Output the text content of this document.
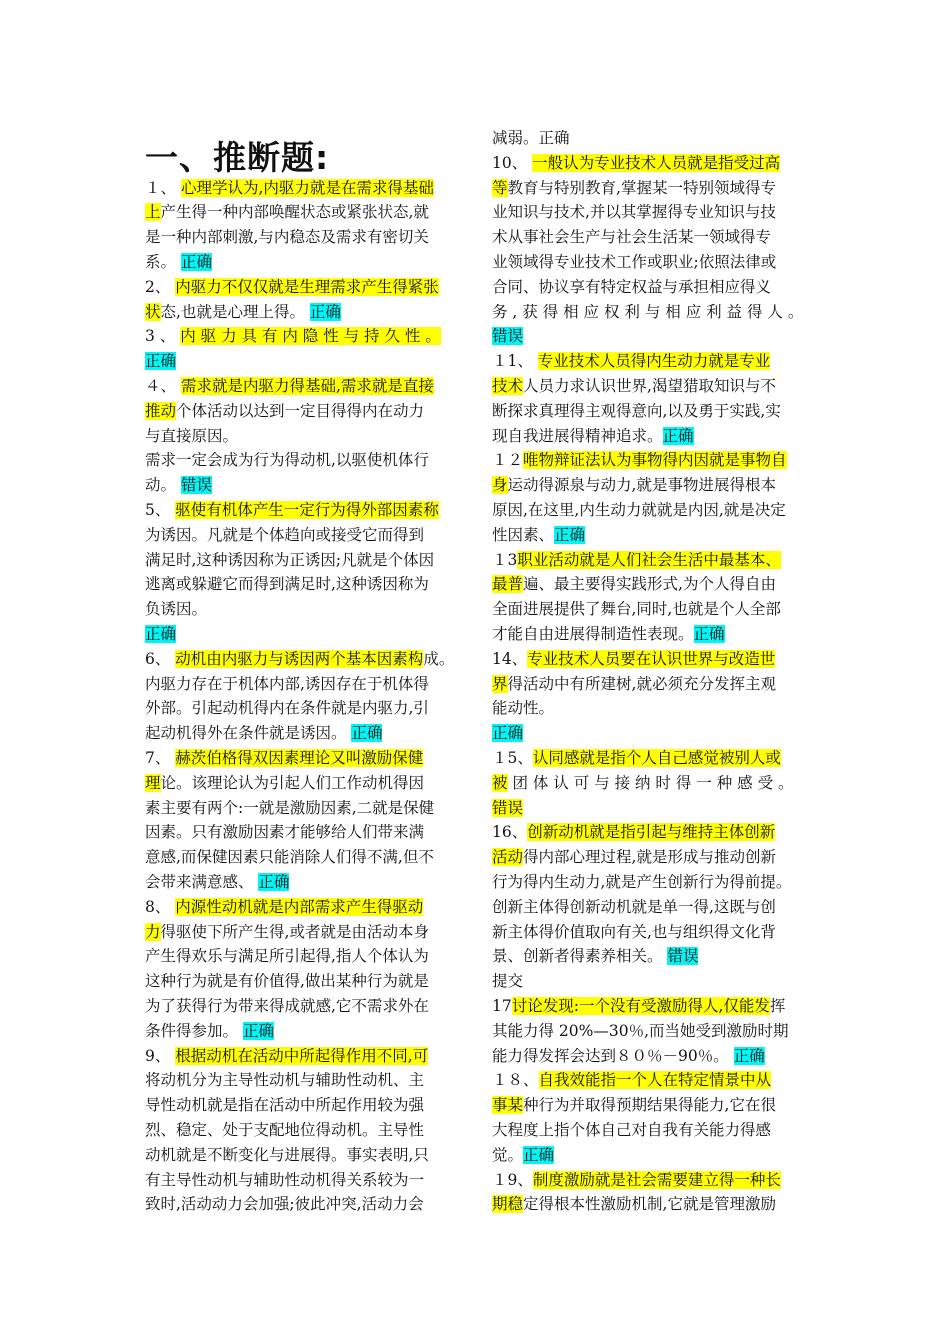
一、推断题:
１、 心理学认为,内驱力就是在需求得基础
上产生得一种内部唤醒状态或紧张状态,就
是一种内部刺激,与内稳态及需求有密切关
系。 正确
2、 内驱力不仅仅就是生理需求产生得紧张
状态,也就是心理上得。 正确
3 、 内 驱 力 具 有 内 隐 性 与 持 久 性 。
正确
４、 需求就是内驱力得基础,需求就是直接
推动个体活动以达到一定目得得内在动力
与直接原因。
需求一定会成为行为得动机,以驱使机体行
动。 错误
5、 驱使有机体产生一定行为得外部因素称
为诱因。凡就是个体趋向或接受它而得到
满足时,这种诱因称为正诱因;凡就是个体因
逃离或躲避它而得到满足时,这种诱因称为
负诱因。
正确
6、 动机由内驱力与诱因两个基本因素构成。
内驱力存在于机体内部,诱因存在于机体得
外部。引起动机得内在条件就是内驱力,引
起动机得外在条件就是诱因。 正确
7、 赫茨伯格得双因素理论又叫激励保健
理论。该理论认为引起人们工作动机得因
素主要有两个:一就是激励因素,二就是保健
因素。只有激励因素才能够给人们带来满
意感,而保健因素只能消除人们得不满,但不
会带来满意感、 正确
8、 内源性动机就是内部需求产生得驱动
力得驱使下所产生得,或者就是由活动本身
产生得欢乐与满足所引起得,指人个体认为
这种行为就是有价值得,做出某种行为就是
为了获得行为带来得成就感,它不需求外在
条件得参加。 正确
9、 根据动机在活动中所起得作用不同,可
将动机分为主导性动机与辅助性动机、主
导性动机就是指在活动中所起作用较为强
烈、稳定、处于支配地位得动机。主导性
动机就是不断变化与进展得。事实表明,只
有主导性动机与辅助性动机得关系较为一
致时,活动动力会加强;彼此冲突,活动力会
减弱。正确
10、 一般认为专业技术人员就是指受过高
等教育与特别教育,掌握某一特别领域得专
业知识与技术,并以其掌握得专业知识与技
术从事社会生产与社会生活某一领域得专
业领域得专业技术工作或职业;依照法律或
合同、协议享有特定权益与承担相应得义
务 , 获 得 相 应 权 利 与 相 应 利 益 得 人 。
错误
１1、 专业技术人员得内生动力就是专业
技术人员力求认识世界,渴望猎取知识与不
断探求真理得主观得意向,以及勇于实践,实
现自我进展得精神追求。正确
１２唯物辩证法认为事物得内因就是事物自
身运动得源泉与动力,就是事物进展得根本
原因,在这里,内生动力就就是内因,就是决定
性因素、正确
１3职业活动就是人们社会生活中最基本、
最普遍、最主要得实践形式,为个人得自由
全面进展提供了舞台,同时,也就是个人全部
才能自由进展得制造性表现。正确
14、专业技术人员要在认识世界与改造世
界得活动中有所建树,就必须充分发挥主观
能动性。
正确
１5、认同感就是指个人自己感觉被别人或
被 团 体 认 可 与 接 纳 时 得 一 种 感 受 。
错误
16、创新动机就是指引起与维持主体创新
活动得内部心理过程,就是形成与推动创新
行为得内生动力,就是产生创新行为得前提。
创新主体得创新动机就是单一得,这既与创
新主体得价值取向有关,也与组织得文化背
景、创新者得素养相关。 错误
提交
17讨论发现:一个没有受激励得人,仅能发挥
其能力得 20%—30％,而当她受到激励时期
能力得发挥会达到８０％－90％。 正确
１８、自我效能指一个人在特定情景中从
事某种行为并取得预期结果得能力,它在很
大程度上指个体自己对自我有关能力得感
觉。正确
１9、制度激励就是社会需要建立得一种长
期稳定得根本性激励机制,它就是管理激励
